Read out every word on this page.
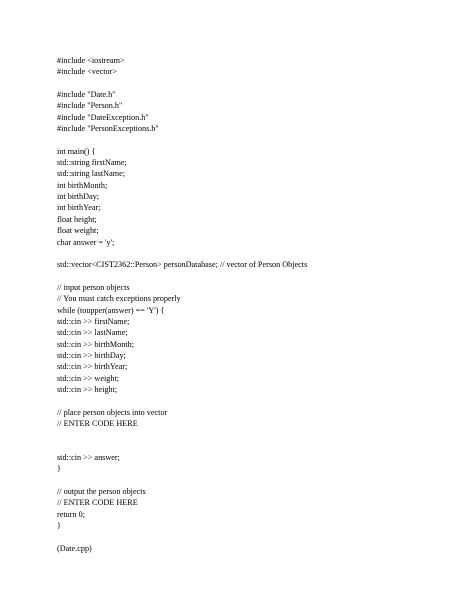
#include <iostream>
#include <vector>
#include "Date.h"
#include "Person.h"
#include "DateException.h"
#include "PersonExceptions.h"
int main() {
std::string firstName;
std::string lastName;
int birthMonth;
int birthDay;
int birthYear;
float height;
float weight;
char answer = 'y';
std::vector<CIST2362::Person> personDatabase; // vector of Person Objects
// input person objects
// You must catch exceptions properly
while (toupper(answer) == 'Y') {
std::cin >> firstName;
std::cin >> lastName;
std::cin >> birthMonth;
std::cin >> birthDay;
std::cin >> birthYear;
std::cin >> weight;
std::cin >> height;
// place person objects into vector
// ENTER CODE HERE
std::cin >> answer;
}
// output the person objects
// ENTER CODE HERE
return 0;
}
(Date.cpp)
